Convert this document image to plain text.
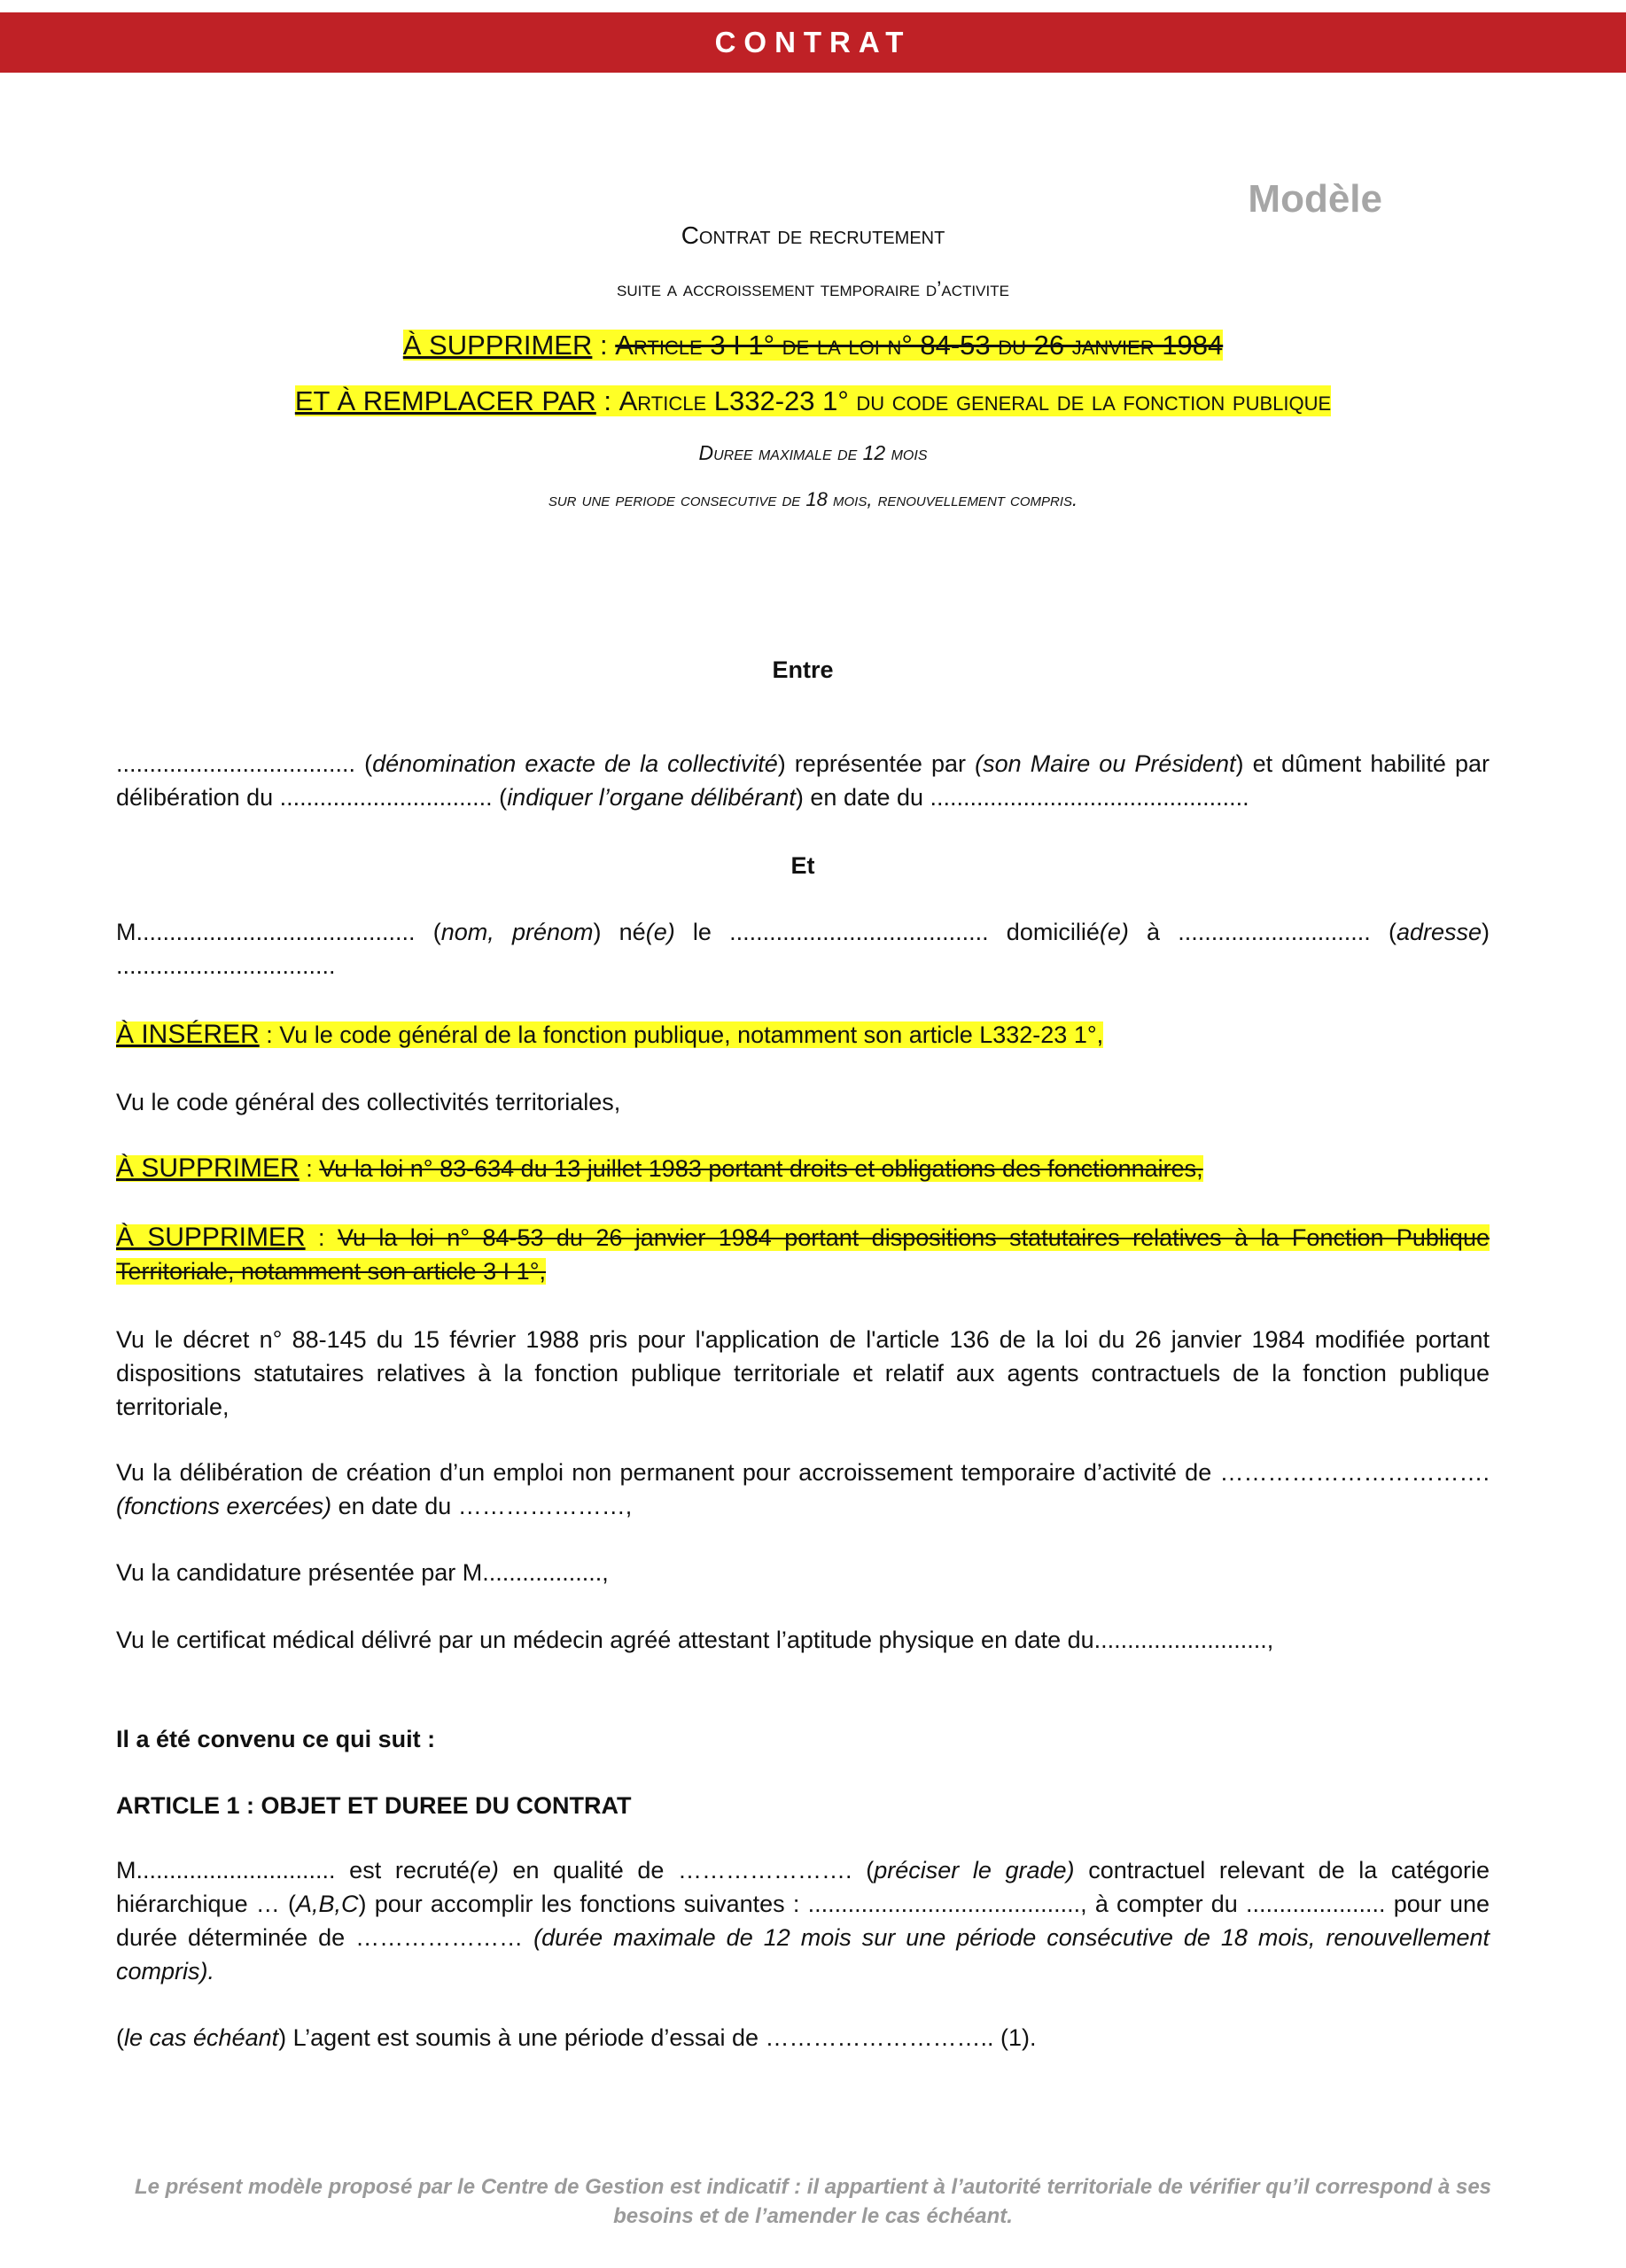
CONTRAT
Modèle
Contrat de recrutement
suite a accroissement temporaire d’activite
À SUPPRIMER : Article 3 I 1° de la loi n° 84-53 du 26 janvier 1984
ET À REMPLACER PAR : Article L332-23 1° du code general de la fonction publique
Duree maximale de 12 mois
sur une periode consecutive de 18 mois, renouvellement compris.
Entre
.................................... (dénomination exacte de la collectivité) représentée par (son Maire ou Président) et dûment habilité par délibération du ................................ (indiquer l’organe délibérant) en date du ................................................
Et
M.......................................... (nom, prénom) né(e) le ....................................... domicilié(e) à ............................. (adresse) .................................
À INSÉRER : Vu le code général de la fonction publique, notamment son article L332-23 1°,
Vu le code général des collectivités territoriales,
À SUPPRIMER : Vu la loi n° 83-634 du 13 juillet 1983 portant droits et obligations des fonctionnaires,
À SUPPRIMER : Vu la loi n° 84-53 du 26 janvier 1984 portant dispositions statutaires relatives à la Fonction Publique Territoriale, notamment son article 3 I 1°,
Vu le décret n° 88-145 du 15 février 1988 pris pour l'application de l'article 136 de la loi du 26 janvier 1984 modifiée portant dispositions statutaires relatives à la fonction publique territoriale et relatif aux agents contractuels de la fonction publique territoriale,
Vu la délibération de création d’un emploi non permanent pour accroissement temporaire d’activité de ……………………………. (fonctions exercées) en date du …………………,
Vu la candidature présentée par M..................,
Vu le certificat médical délivré par un médecin agréé attestant l’aptitude physique en date du..........................,
Il a été convenu ce qui suit :
ARTICLE 1 : OBJET ET DUREE DU CONTRAT
M.............................. est recruté(e) en qualité de …………………. (préciser le grade) contractuel relevant de la catégorie hiérarchique … (A,B,C) pour accomplir les fonctions suivantes : ........................................., à compter du ..................... pour une durée déterminée de ………………… (durée maximale de 12 mois sur une période consécutive de 18 mois, renouvellement compris).
(le cas échéant) L’agent est soumis à une période d’essai de ……………………….. (1).
Le présent modèle proposé par le Centre de Gestion est indicatif : il appartient à l’autorité territoriale de vérifier qu’il correspond à ses besoins et de l’amender le cas échéant.
